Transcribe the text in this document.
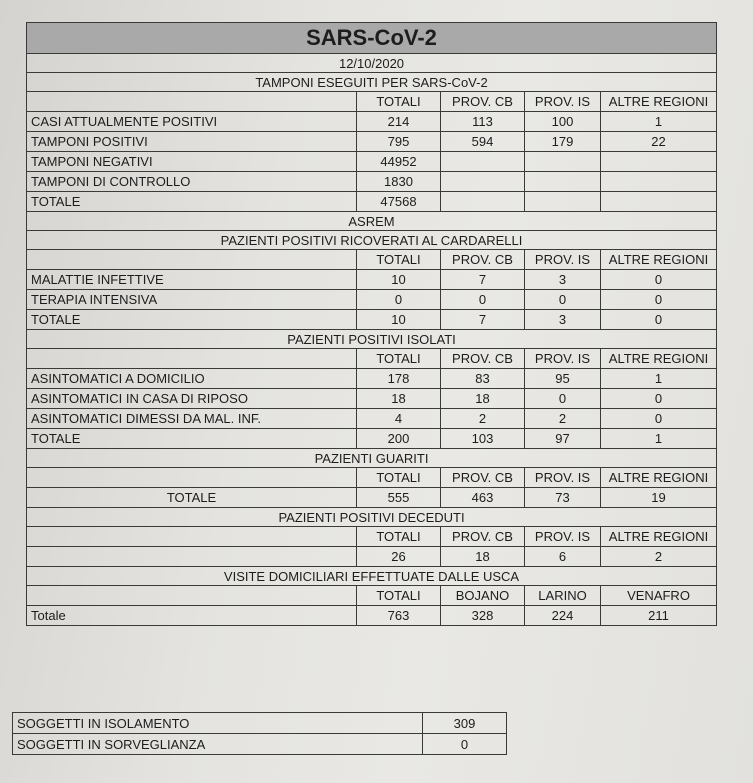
SARS-CoV-2				
12/10/2020				
TAMPONI ESEGUITI PER SARS-CoV-2				
	TOTALI	PROV. CB	PROV. IS	ALTRE REGIONI
CASI ATTUALMENTE POSITIVI	214	113	100	1
TAMPONI POSITIVI	795	594	179	22
TAMPONI NEGATIVI	44952			
TAMPONI DI CONTROLLO	1830			
TOTALE	47568			
ASREM				
PAZIENTI POSITIVI RICOVERATI AL CARDARELLI				
	TOTALI	PROV. CB	PROV. IS	ALTRE REGIONI
MALATTIE INFETTIVE	10	7	3	0
TERAPIA INTENSIVA	0	0	0	0
TOTALE	10	7	3	0
PAZIENTI POSITIVI ISOLATI				
	TOTALI	PROV. CB	PROV. IS	ALTRE REGIONI
ASINTOMATICI A DOMICILIO	178	83	95	1
ASINTOMATICI IN CASA DI RIPOSO	18	18	0	0
ASINTOMATICI DIMESSI DA MAL. INF.	4	2	2	0
TOTALE	200	103	97	1
PAZIENTI GUARITI				
	TOTALI	PROV. CB	PROV. IS	ALTRE REGIONI
TOTALE	555	463	73	19
PAZIENTI POSITIVI DECEDUTI				
	TOTALI	PROV. CB	PROV. IS	ALTRE REGIONI
	26	18	6	2
VISITE DOMICILIARI EFFETTUATE DALLE USCA				
	TOTALI	BOJANO	LARINO	VENAFRO
Totale	763	328	224	211
SOGGETTI IN ISOLAMENTO	309
SOGGETTI IN SORVEGLIANZA	0
